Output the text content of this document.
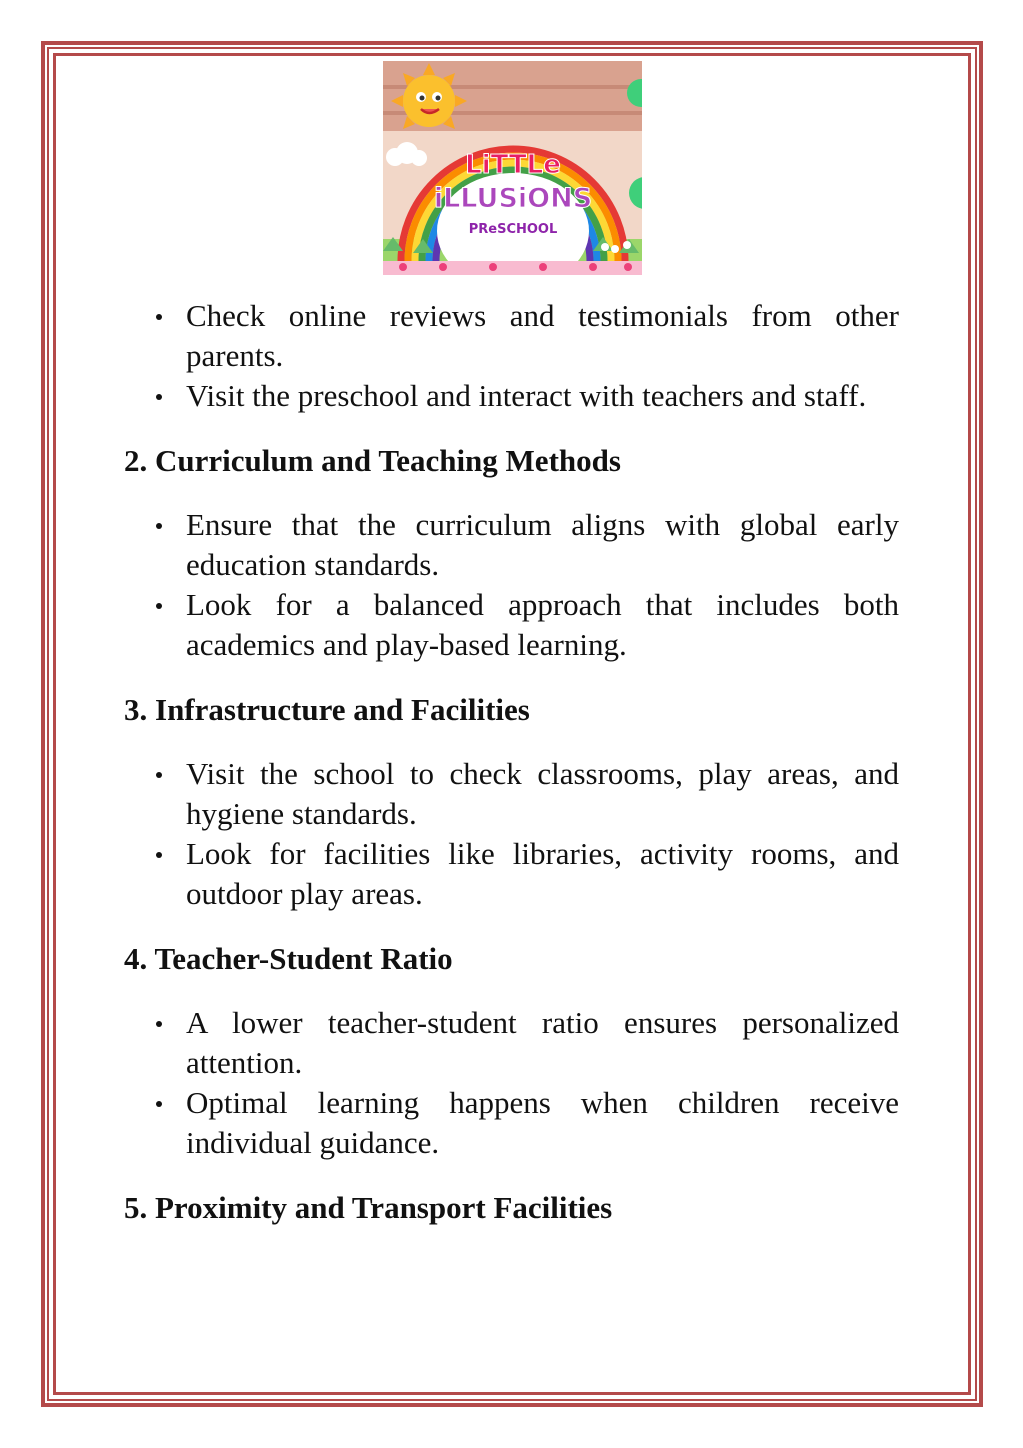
LiTTLe
iLLUSiONS
PReSCHOOL
Check online reviews and testimonials from other parents.
Visit the preschool and interact with teachers and staff.
2. Curriculum and Teaching Methods
Ensure that the curriculum aligns with global early education standards.
Look for a balanced approach that includes both academics and play-based learning.
3. Infrastructure and Facilities
Visit the school to check classrooms, play areas, and hygiene standards.
Look for facilities like libraries, activity rooms, and outdoor play areas.
4. Teacher-Student Ratio
A lower teacher-student ratio ensures personalized attention.
Optimal learning happens when children receive individual guidance.
5. Proximity and Transport Facilities
